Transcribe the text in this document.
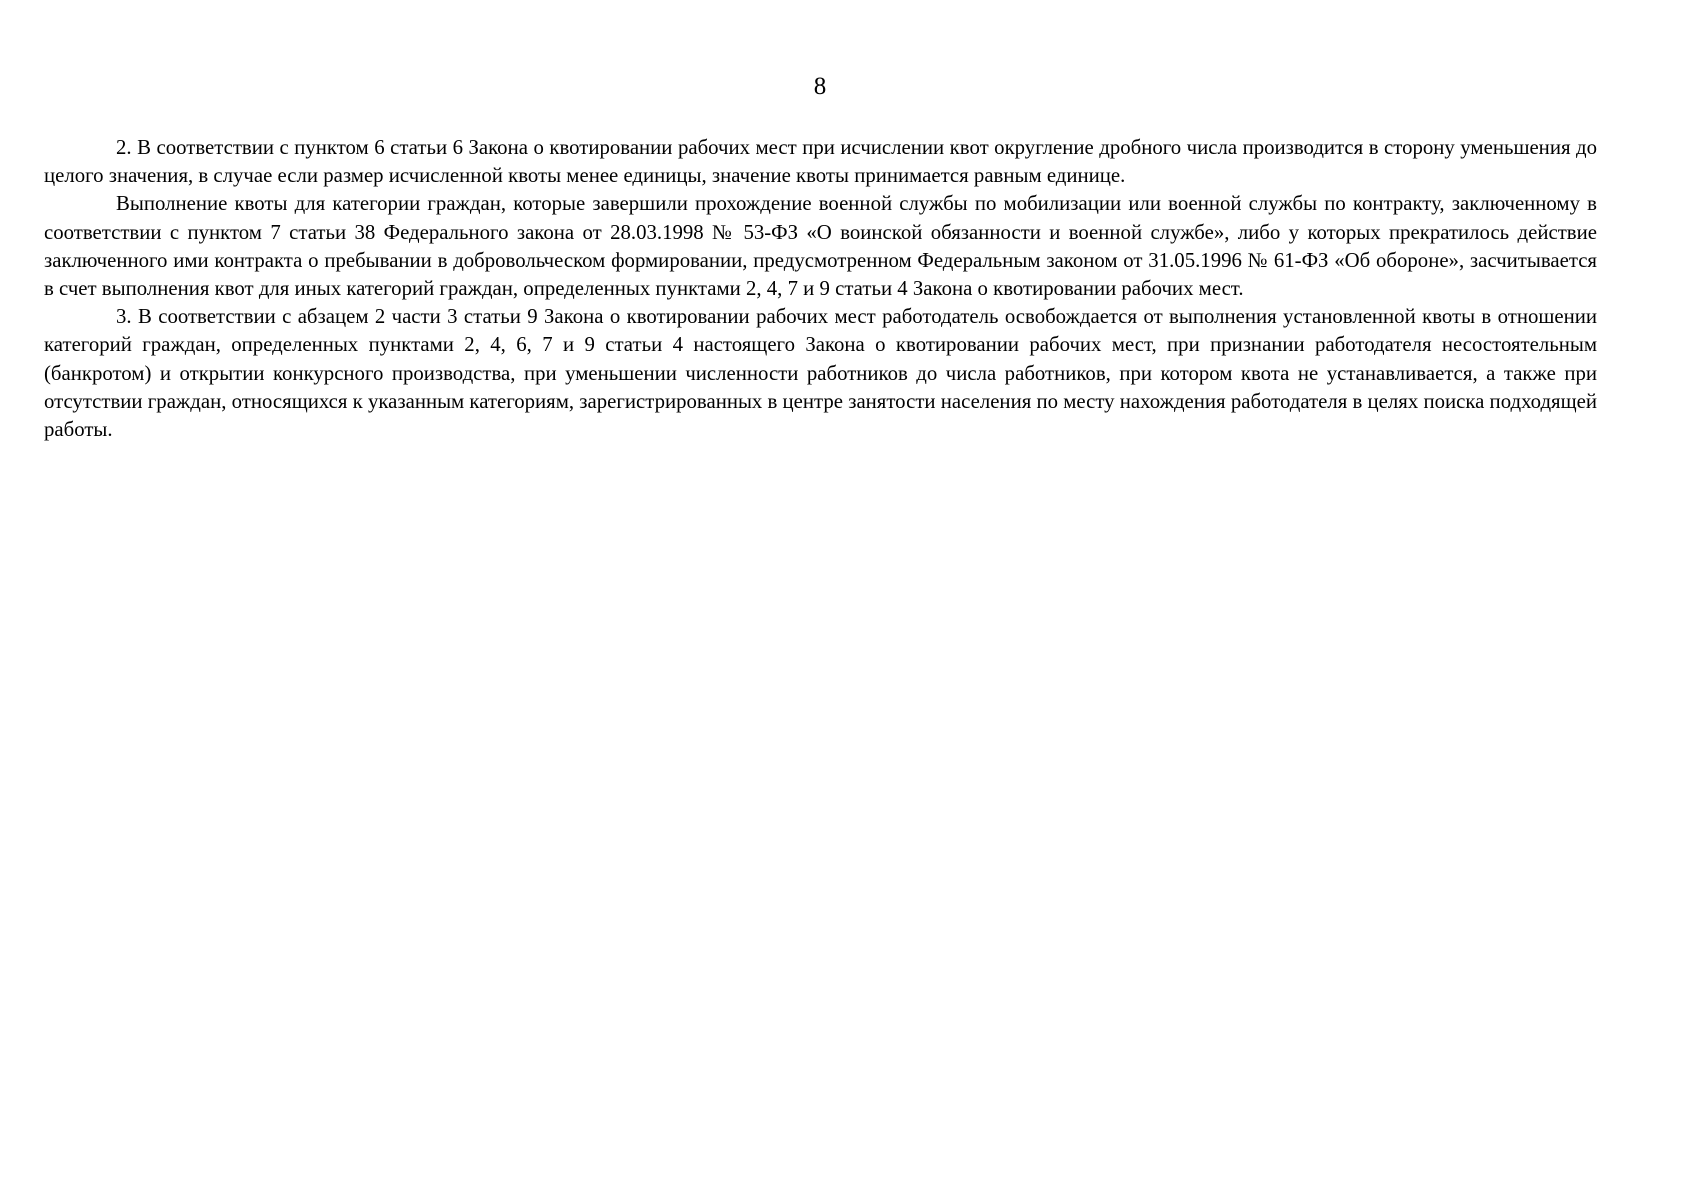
8

2. В соответствии с пунктом 6 статьи 6 Закона о квотировании рабочих мест при исчислении квот округление дробного числа производится в сторону уменьшения до целого значения, в случае если размер исчисленной квоты менее единицы, значение квоты принимается равным единице.

Выполнение квоты для категории граждан, которые завершили прохождение военной службы по мобилизации или военной службы по контракту, заключенному в соответствии с пунктом 7 статьи 38 Федерального закона от 28.03.1998 № 53-ФЗ «О воинской обязанности и военной службе», либо у которых прекратилось действие заключенного ими контракта о пребывании в добровольческом формировании, предусмотренном Федеральным законом от 31.05.1996 № 61-ФЗ «Об обороне», засчитывается в счет выполнения квот для иных категорий граждан, определенных пунктами 2, 4, 7 и 9 статьи 4 Закона о квотировании рабочих мест.

3. В соответствии с абзацем 2 части 3 статьи 9 Закона о квотировании рабочих мест работодатель освобождается от выполнения установленной квоты в отношении категорий граждан, определенных пунктами 2, 4, 6, 7 и 9 статьи 4 настоящего Закона о квотировании рабочих мест, при признании работодателя несостоятельным (банкротом) и открытии конкурсного производства, при уменьшении численности работников до числа работников, при котором квота не устанавливается, а также при отсутствии граждан, относящихся к указанным категориям, зарегистрированных в центре занятости населения по месту нахождения работодателя в целях поиска подходящей работы.
